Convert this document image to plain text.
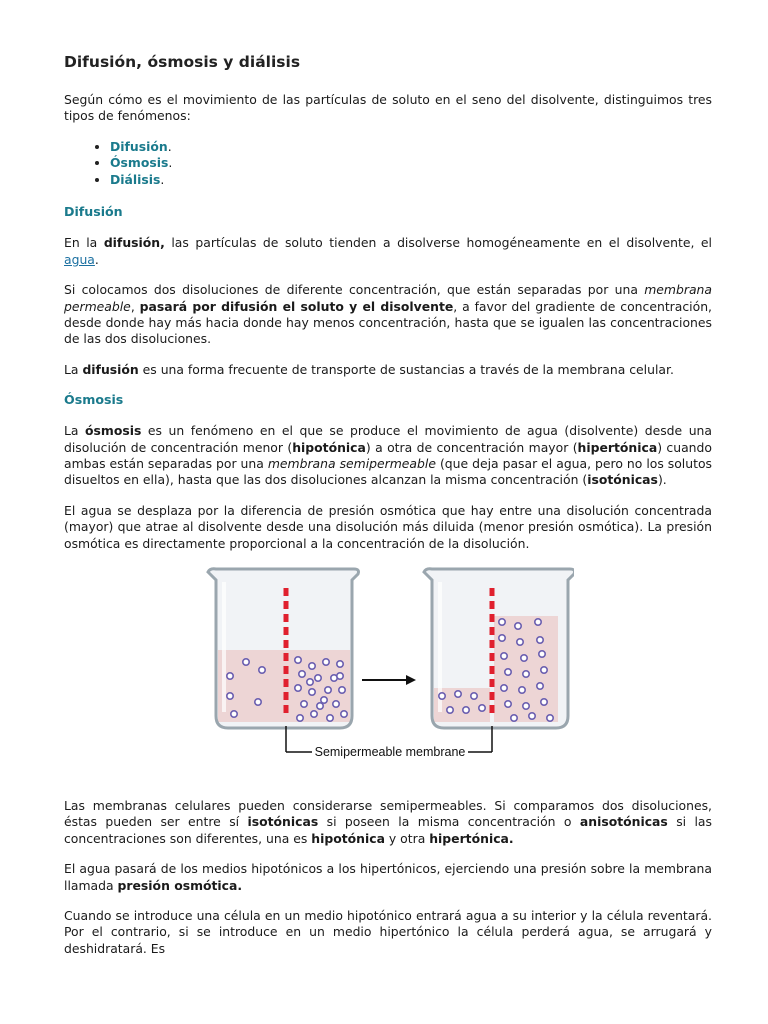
Difusión, ósmosis y diálisis

Según cómo es el movimiento de las partículas de soluto en el seno del disolvente, distinguimos tres tipos de fenómenos:

• Difusión.
• Ósmosis.
• Diálisis.
Difusión

En la difusión, las partículas de soluto tienden a disolverse homogéneamente en el disolvente, el agua.

Si colocamos dos disoluciones de diferente concentración, que están separadas por una membrana permeable, pasará por difusión el soluto y el disolvente, a favor del gradiente de concentración, desde donde hay más hacia donde hay menos concentración, hasta que se igualen las concentraciones de las dos disoluciones.

La difusión es una forma frecuente de transporte de sustancias a través de la membrana celular.

Ósmosis

La ósmosis es un fenómeno en el que se produce el movimiento de agua (disolvente) desde una disolución de concentración menor (hipotónica) a otra de concentración mayor (hipertónica) cuando ambas están separadas por una membrana semipermeable (que deja pasar el agua, pero no los solutos disueltos en ella), hasta que las dos disoluciones alcanzan la misma concentración (isotónicas).

El agua se desplaza por la diferencia de presión osmótica que hay entre una disolución concentrada (mayor) que atrae al disolvente desde una disolución más diluida (menor presión osmótica). La presión osmótica es directamente proporcional a la concentración de la disolución.

Semipermeable membrane

Las membranas celulares pueden considerarse semipermeables. Si comparamos dos disoluciones, éstas pueden ser entre sí isotónicas si poseen la misma concentración o anisotónicas si las concentraciones son diferentes, una es hipotónica y otra hipertónica.

El agua pasará de los medios hipotónicos a los hipertónicos, ejerciendo una presión sobre la membrana llamada presión osmótica.

Cuando se introduce una célula en un medio hipotónico entrará agua a su interior y la célula reventará. Por el contrario, si se introduce en un medio hipertónico la célula perderá agua, se arrugará y deshidratará. Es
